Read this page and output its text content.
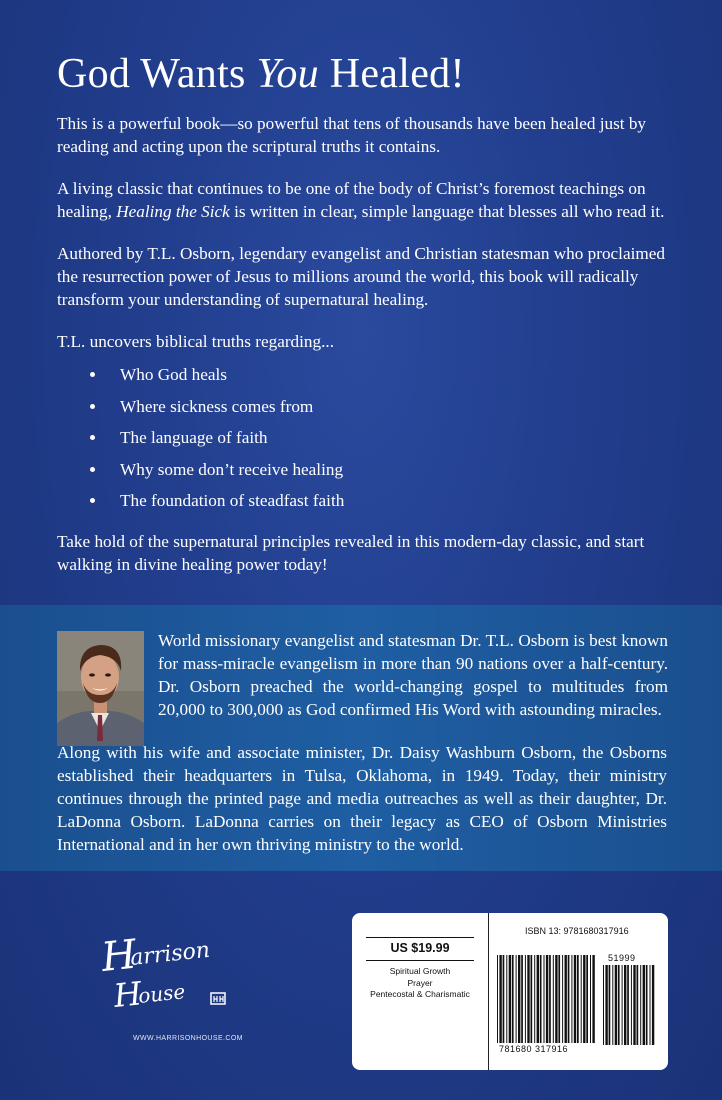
God Wants You Healed!

This is a powerful book—so powerful that tens of thousands have been healed just by reading and acting upon the scriptural truths it contains.

A living classic that continues to be one of the body of Christ’s foremost teachings on healing, Healing the Sick is written in clear, simple language that blesses all who read it.

Authored by T.L. Osborn, legendary evangelist and Christian statesman who proclaimed the resurrection power of Jesus to millions around the world, this book will radically transform your understanding of supernatural healing.

T.L. uncovers biblical truths regarding...

Who God heals
Where sickness comes from
The language of faith
Why some don’t receive healing
The foundation of steadfast faith

Take hold of the supernatural principles revealed in this modern-day classic, and start walking in divine healing power today!

World missionary evangelist and statesman Dr. T.L. Osborn is best known for mass-miracle evangelism in more than 90 nations over a half-century. Dr. Osborn preached the world-changing gospel to multitudes from 20,000 to 300,000 as God confirmed His Word with astounding miracles.

Along with his wife and associate minister, Dr. Daisy Washburn Osborn, the Osborns established their headquarters in Tulsa, Oklahoma, in 1949. Today, their ministry continues through the printed page and media outreaches as well as their daughter, Dr. LaDonna Osborn. LaDonna carries on their legacy as CEO of Osborn Ministries International and in her own thriving ministry to the world.

H
arrison
H
ouse
WWW.HARRISONHOUSE.COM
US $19.99
Spiritual Growth
Prayer
Pentecostal & Charismatic
ISBN 13: 9781680317916
781680 317916
51999
